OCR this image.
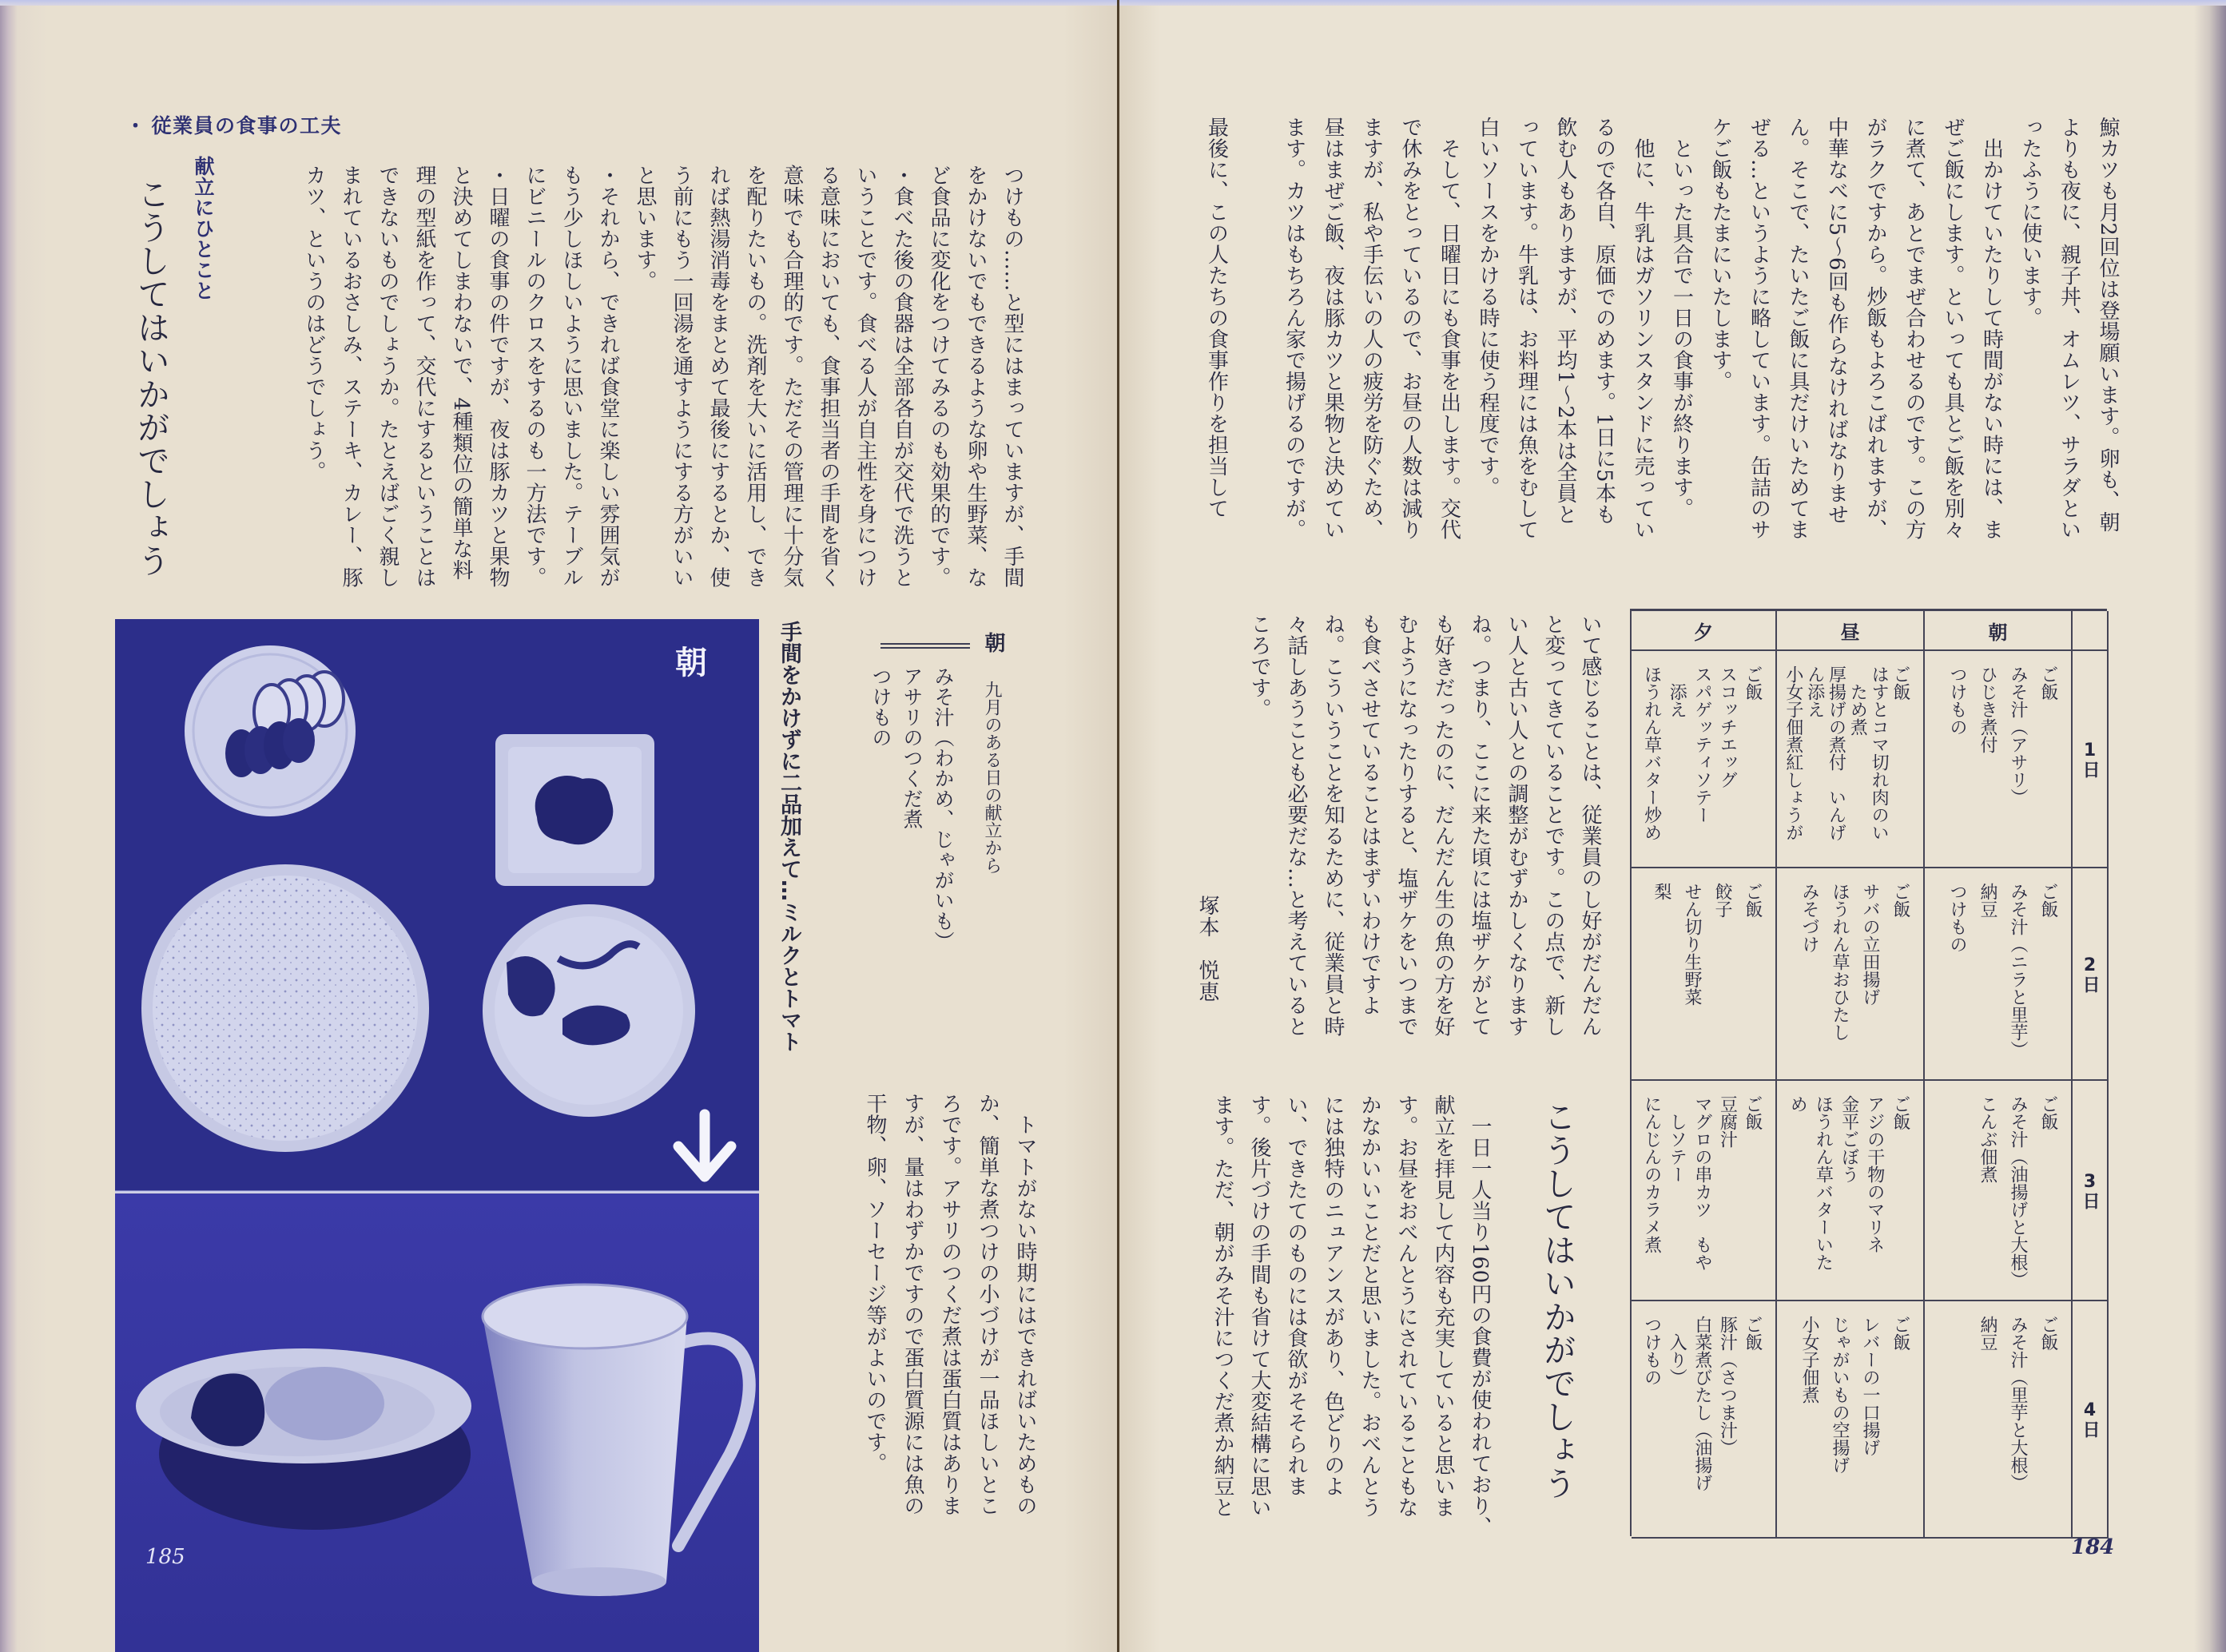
・ 従業員の食事の工夫
つけもの……と型にはまっていますが、手間
をかけないでもできるような卵や生野菜、な
ど食品に変化をつけてみるのも効果的です。
・食べた後の食器は全部各自が交代で洗うと
いうことです。食べる人が自主性を身につけ
る意味においても、食事担当者の手間を省く
意味でも合理的です。ただその管理に十分気
を配りたいもの。洗剤を大いに活用し、でき
れば熱湯消毒をまとめて最後にするとか、使
う前にもう一回湯を通すようにする方がいい
と思います。
・それから、できれば食堂に楽しい雰囲気が
もう少しほしいように思いました。テーブル
にビニールのクロスをするのも一方法です。
・日曜の食事の件ですが、夜は豚カツと果物
と決めてしまわないで、4種類位の簡単な料
理の型紙を作って、交代にするということは
できないものでしょうか。たとえばごく親し
まれているおさしみ、ステーキ、カレー、豚
カツ、というのはどうでしょう。
献立にひとこと
こうしてはいかがでしょう
朝
九月のある日の献立から
みそ汁（わかめ、じゃがいも）
アサリのつくだ煮
つけもの
手間をかけずに二品加えて…ミルクとトマト
　トマトがない時期にはできればいためもの
か、簡単な煮つけの小づけが一品ほしいとこ
ろです。アサリのつくだ煮は蛋白質はありま
すが、量はわずかですので蛋白質源には魚の
干物、卵、ソーセージ等がよいのです。
朝
185
鯨カツも月2回位は登場願います。卵も、朝
よりも夜に、親子丼、オムレツ、サラダとい
ったふうに使います。
　出かけていたりして時間がない時には、ま
ぜご飯にします。といっても具とご飯を別々
に煮て、あとでまぜ合わせるのです。この方
がラクですから。炒飯もよろこばれますが、
中華なべに5〜6回も作らなければなりませ
ん。そこで、たいたご飯に具だけいためてま
ぜる…というように略しています。缶詰のサ
ケご飯もたまにいたします。
　といった具合で一日の食事が終ります。
　他に、牛乳はガソリンスタンドに売ってい
るので各自、原価でのめます。1日に5本も
飲む人もありますが、平均1〜2本は全員と
っています。牛乳は、お料理には魚をむして
白いソースをかける時に使う程度です。
　そして、日曜日にも食事を出します。交代
で休みをとっているので、お昼の人数は減り
ますが、私や手伝いの人の疲労を防ぐため、
昼はまぜご飯、夜は豚カツと果物と決めてい
ます。カツはもちろん家で揚げるのですが。
最後に、この人たちの食事作りを担当して
夕	昼	朝
ご飯
スコッチエッグ
スパゲッティソテー
　添え
ほうれん草バター炒め	ご飯
はすとコマ切れ肉のい
　ため煮
厚揚げの煮付　いんげ
ん添え
小女子佃煮紅しょうが	ご飯
みそ汁（アサリ）
ひじき煮付
つけもの
1日
ご飯
餃子
せん切り生野菜
梨	ご飯
サバの立田揚げ
ほうれん草おひたし
みそづけ	ご飯
みそ汁（ニラと里芋）
納豆
つけもの
2日
ご飯
豆腐汁
マグロの串カツ　もや
　しソテー
にんじんのカラメ煮	ご飯
アジの干物のマリネ
金平ごぼう
ほうれん草バターいた
め	ご飯
みそ汁（油揚げと大根）
こんぶ佃煮
3日
ご飯
豚汁（さつま汁）
白菜煮びたし（油揚げ
　入り）
つけもの	ご飯
レバーの一口揚げ
じゃがいもの空揚げ
小女子佃煮	ご飯
みそ汁（里芋と大根）
納豆
4日
いて感じることは、従業員のし好がだんだん
と変ってきていることです。この点で、新し
い人と古い人との調整がむずかしくなります
ね。つまり、ここに来た頃には塩ザケがとて
も好きだったのに、だんだん生の魚の方を好
むようになったりすると、塩ザケをいつまで
も食べさせていることはまずいわけですよ
ね。こういうことを知るために、従業員と時
々話しあうことも必要だな…と考えていると
ころです。
塚本　悦恵
こうしてはいかがでしょう
　一日一人当り160円の食費が使われており、
献立を拝見して内容も充実していると思いま
す。お昼をおべんとうにされていることもな
かなかいいことだと思いました。おべんとう
には独特のニュアンスがあり、色どりのよ
い、できたてのものには食欲がそそられま
す。後片づけの手間も省けて大変結構に思い
ます。ただ、朝がみそ汁につくだ煮か納豆と
184
